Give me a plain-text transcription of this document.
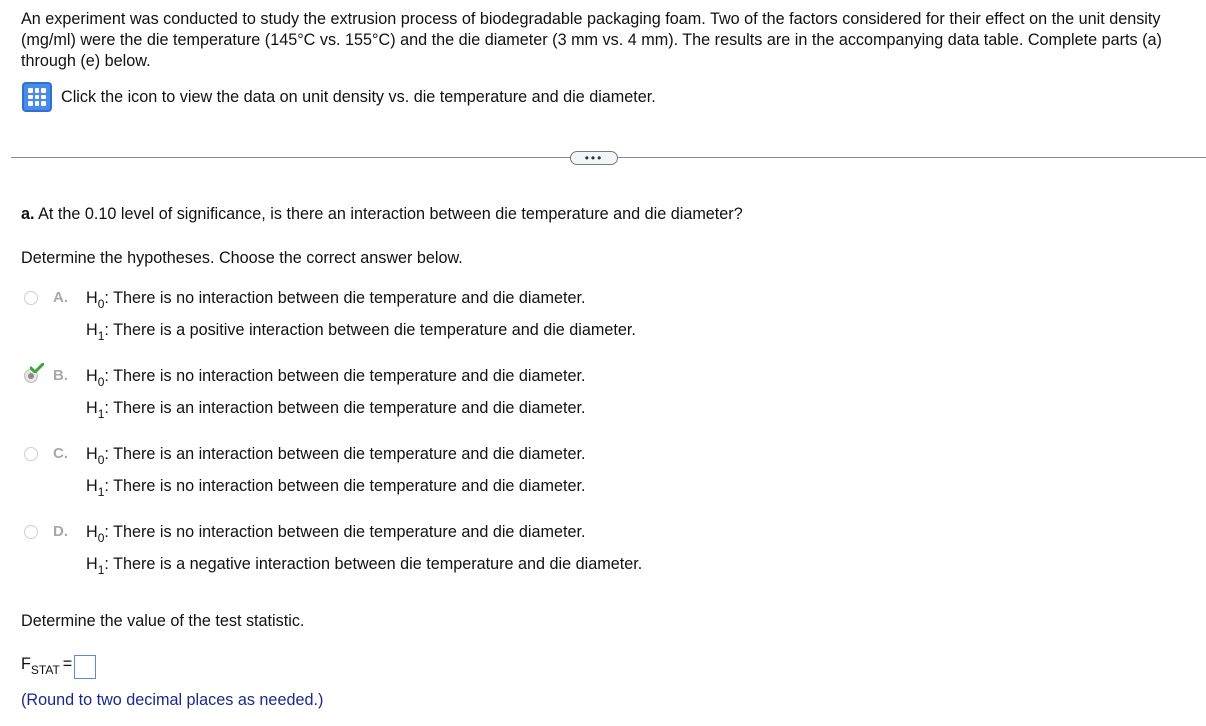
An experiment was conducted to study the extrusion process of biodegradable packaging foam. Two of the factors considered for their effect on the unit density (mg/ml) were the die temperature (145°C vs. 155°C) and the die diameter (3 mm vs. 4 mm). The results are in the accompanying data table. Complete parts (a) through (e) below.
Click the icon to view the data on unit density vs. die temperature and die diameter.
•••
a. At the 0.10 level of significance, is there an interaction between die temperature and die diameter?
Determine the hypotheses. Choose the correct answer below.
A. $H_0$: There is no interaction between die temperature and die diameter.
$H_1$: There is a positive interaction between die temperature and die diameter.
B. $H_0$: There is no interaction between die temperature and die diameter.
$H_1$: There is an interaction between die temperature and die diameter.
C. $H_0$: There is an interaction between die temperature and die diameter.
$H_1$: There is no interaction between die temperature and die diameter.
D. $H_0$: There is no interaction between die temperature and die diameter.
$H_1$: There is a negative interaction between die temperature and die diameter.
Determine the value of the test statistic.
$F_{STAT}$ =
(Round to two decimal places as needed.)
